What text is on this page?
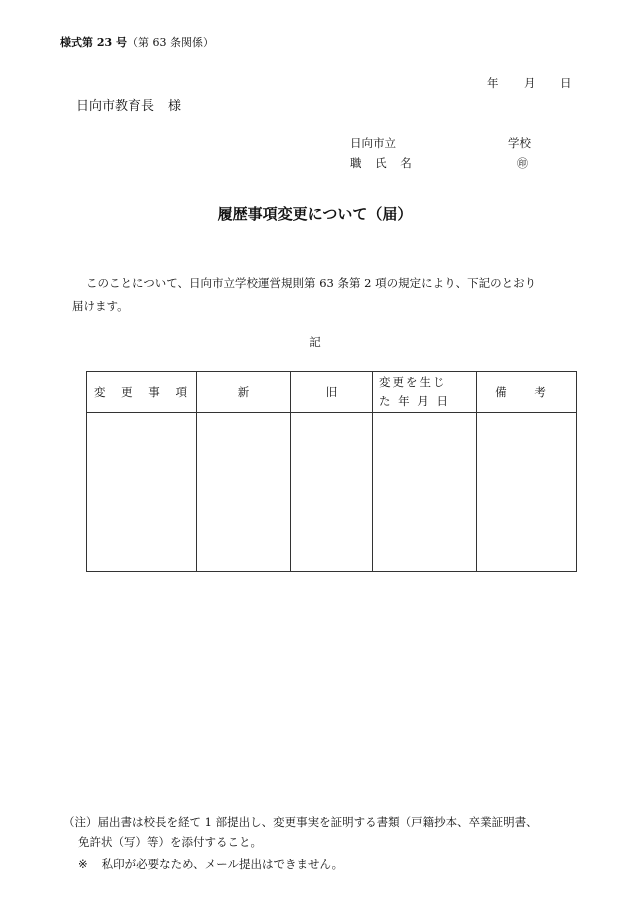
様式第 23 号（第 63 条関係）
年 月 日
日向市教育長 様
日向市立	学校
職 氏 名	㊞
履歴事項変更について（届）
このことについて、日向市立学校運営規則第 63 条第 2 項の規定により、下記のとおり
届けます。
記
変 更 事 項	新	旧	変更を生じた 年 月 日	備 考

（注）届出書は校長を経て 1 部提出し、変更事実を証明する書類（戸籍抄本、卒業証明書、
免許状（写）等）を添付すること。
※ 私印が必要なため、メール提出はできません。
